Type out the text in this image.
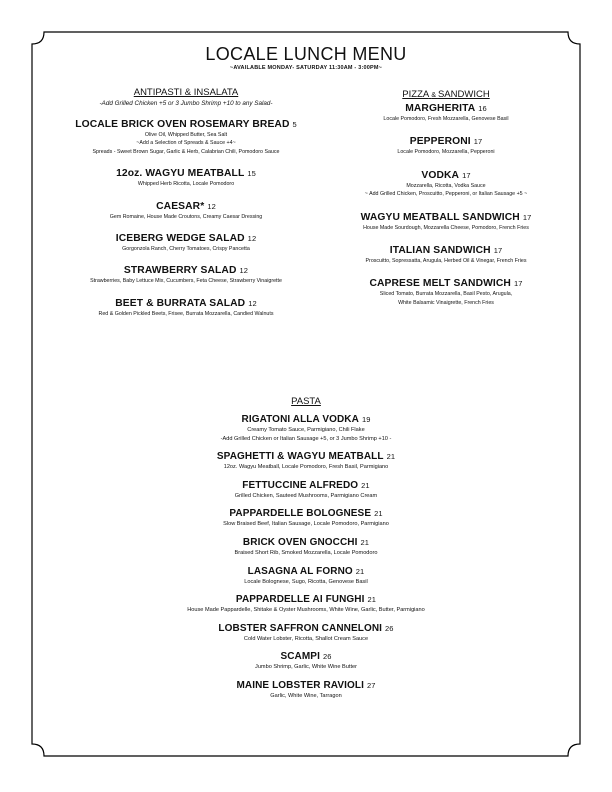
LOCALE LUNCH MENU
~AVAILABLE MONDAY- SATURDAY 11:30AM - 3:00PM~
ANTIPASTI & INSALATA
-Add Grilled Chicken +5 or 3 Jumbo Shrimp +10 to any Salad-
LOCALE BRICK OVEN ROSEMARY BREAD 5
Olive Oil, Whipped Butter, Sea Salt
~Add a Selection of Spreads & Sauce +4~
Spreads - Sweet Brown Sugar, Garlic & Herb, Calabrian Chili, Pomodoro Sauce
12oz. WAGYU MEATBALL 15
Whipped Herb Ricotta, Locale Pomodoro
CAESAR* 12
Gem Romaine, House Made Croutons, Creamy Caesar Dressing
ICEBERG WEDGE SALAD 12
Gorgonzola Ranch, Cherry Tomatoes, Crispy Pancetta
STRAWBERRY SALAD 12
Strawberries, Baby Lettuce Mix, Cucumbers, Feta Cheese, Strawberry Vinaigrette
BEET & BURRATA SALAD 12
Red & Golden Pickled Beets, Frisee, Burrata Mozzarella, Candied Walnuts
PIZZA & SANDWICH
MARGHERITA 16
Locale Pomodoro, Fresh Mozzarella, Genovese Basil
PEPPERONI 17
Locale Pomodoro, Mozzarella, Pepperoni
VODKA 17
Mozzarella, Ricotta, Vodka Sauce
~ Add Grilled Chicken, Proscuitto, Pepperoni, or Italian Sausage +5 ~
WAGYU MEATBALL SANDWICH 17
House Made Sourdough, Mozzarella Cheese, Pomodoro, French Fries
ITALIAN SANDWICH 17
Proscuitto, Sopressatta, Arugula, Herbed Oil & Vinegar, French Fries
CAPRESE MELT SANDWICH 17
Sliced Tomato, Burrata Mozzarella, Basil Pesto, Arugula,
White Balsamic Vinaigrette, French Fries
PASTA
RIGATONI ALLA VODKA 19
Creamy Tomato Sauce, Parmigiano, Chili Flake
-Add Grilled Chicken or Italian Sausage +5, or 3 Jumbo Shrimp +10 -
SPAGHETTI & WAGYU MEATBALL 21
12oz. Wagyu Meatball, Locale Pomodoro, Fresh Basil, Parmigiano
FETTUCCINE ALFREDO 21
Grilled Chicken, Sauteed Mushrooms, Parmigiano Cream
PAPPARDELLE BOLOGNESE 21
Slow Braised Beef, Italian Sausage, Locale Pomodoro, Parmigiano
BRICK OVEN GNOCCHI 21
Braised Short Rib, Smoked Mozzarella, Locale Pomodoro
LASAGNA AL FORNO 21
Locale Bolognese, Sugo, Ricotta, Genovese Basil
PAPPARDELLE AI FUNGHI 21
House Made Pappardelle, Shitake & Oyster Mushrooms, White Wine, Garlic, Butter, Parmigiano
LOBSTER SAFFRON CANNELONI 26
Cold Water Lobster, Ricotta, Shallot Cream Sauce
SCAMPI 26
Jumbo Shrimp, Garlic, White Wine Butter
MAINE LOBSTER RAVIOLI 27
Garlic, White Wine, Tarragon
